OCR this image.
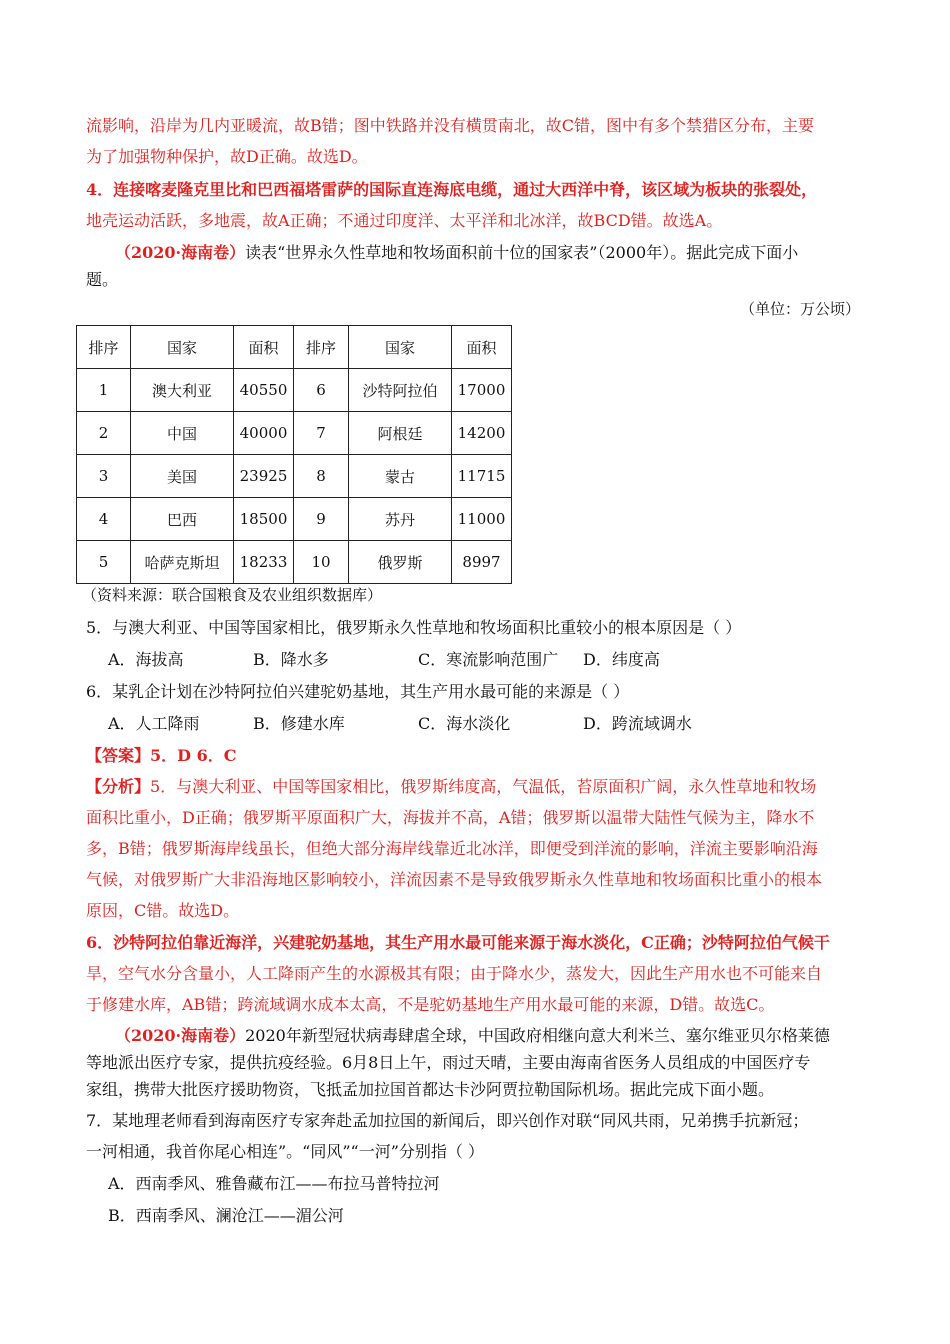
流影响，沿岸为几内亚暖流，故B错；图中铁路并没有横贯南北，故C错，图中有多个禁猎区分布，主要
为了加强物种保护，故D正确。故选D。
4．连接喀麦隆克里比和巴西福塔雷萨的国际直连海底电缆，通过大西洋中脊，该区域为板块的张裂处，
地壳运动活跃，多地震，故A正确；不通过印度洋、太平洋和北冰洋，故BCD错。故选A。
（2020·海南卷）读表“世界永久性草地和牧场面积前十位的国家表”（2000年）。据此完成下面小
题。
（单位：万公顷）
排序	国家	面积	排序	国家	面积
1	澳大利亚	40550	6	沙特阿拉伯	17000
2	中国	40000	7	阿根廷	14200
3	美国	23925	8	蒙古	11715
4	巴西	18500	9	苏丹	11000
5	哈萨克斯坦	18233	10	俄罗斯	8997
（资料来源：联合国粮食及农业组织数据库）
5．与澳大利亚、中国等国家相比，俄罗斯永久性草地和牧场面积比重较小的根本原因是（ ）
A．海拔高	B．降水多	C．寒流影响范围广 D．纬度高
6．某乳企计划在沙特阿拉伯兴建驼奶基地，其生产用水最可能的来源是（ ）
A．人工降雨	B．修建水库	C．海水淡化	D．跨流域调水
【答案】5．D 6．C
【分析】5．与澳大利亚、中国等国家相比，俄罗斯纬度高，气温低，苔原面积广阔，永久性草地和牧场
面积比重小，D正确；俄罗斯平原面积广大，海拔并不高，A错；俄罗斯以温带大陆性气候为主，降水不
多，B错；俄罗斯海岸线虽长，但绝大部分海岸线靠近北冰洋，即便受到洋流的影响，洋流主要影响沿海
气候，对俄罗斯广大非沿海地区影响较小，洋流因素不是导致俄罗斯永久性草地和牧场面积比重小的根本
原因，C错。故选D。
6．沙特阿拉伯靠近海洋，兴建驼奶基地，其生产用水最可能来源于海水淡化，C正确；沙特阿拉伯气候干
旱，空气水分含量小，人工降雨产生的水源极其有限；由于降水少，蒸发大，因此生产用水也不可能来自
于修建水库，AB错；跨流域调水成本太高，不是驼奶基地生产用水最可能的来源，D错。故选C。
（2020·海南卷）2020年新型冠状病毒肆虐全球，中国政府相继向意大利米兰、塞尔维亚贝尔格莱德
等地派出医疗专家，提供抗疫经验。6月8日上午，雨过天晴，主要由海南省医务人员组成的中国医疗专
家组，携带大批医疗援助物资，飞抵孟加拉国首都达卡沙阿贾拉勒国际机场。据此完成下面小题。
7．某地理老师看到海南医疗专家奔赴孟加拉国的新闻后，即兴创作对联“同风共雨，兄弟携手抗新冠；
一河相通，我首你尾心相连”。“同风”“一河”分别指（ ）
A．西南季风、雅鲁藏布江——布拉马普特拉河
B．西南季风、澜沧江——湄公河
